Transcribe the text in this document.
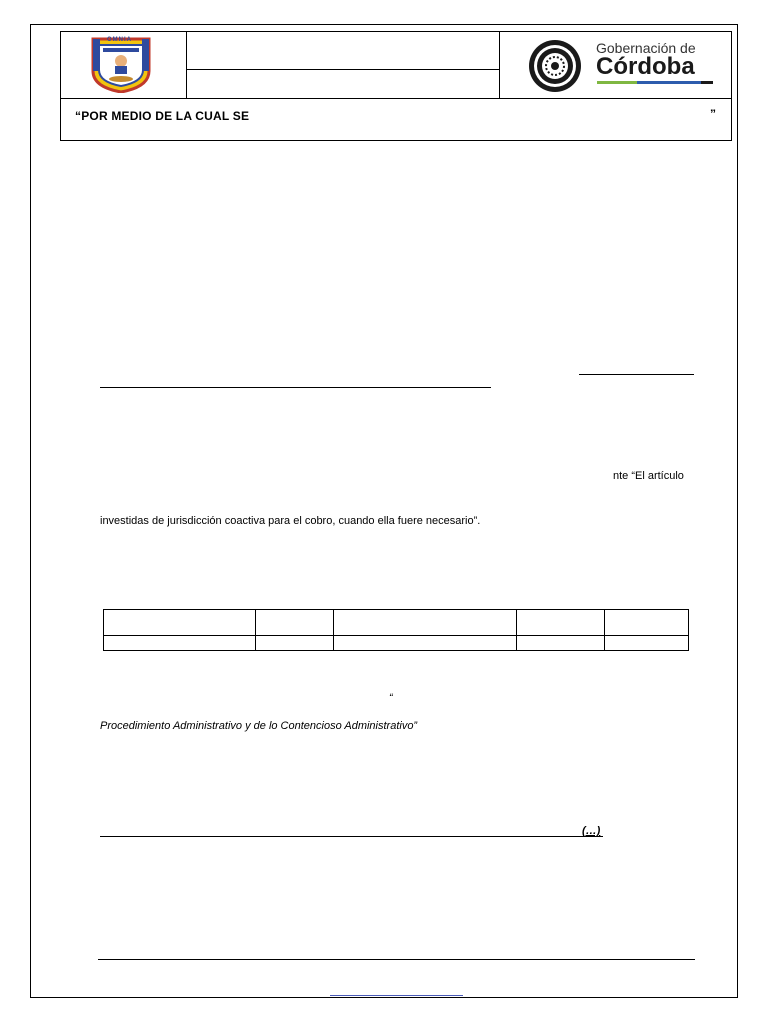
OMNIA
“POR MEDIO DE LA CUAL SE	”
Gobernación de
Córdoba
nte “El artículo
investidas de jurisdicción coactiva para el cobro, cuando ella fuere necesario”.

“
Procedimiento Administrativo y de lo Contencioso Administrativo”
(…)
